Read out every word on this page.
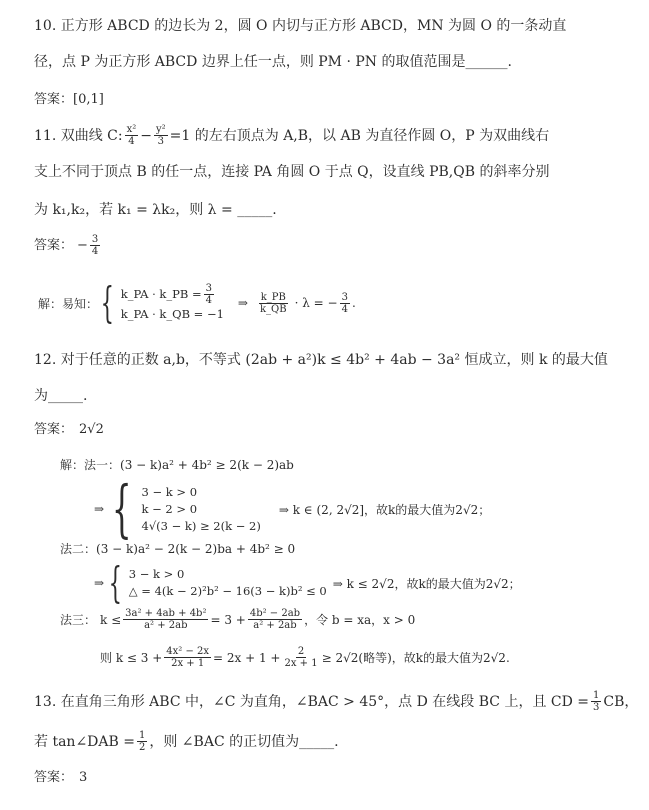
10. 正方形 ABCD 的边长为 2，圆 O 内切与正方形 ABCD，MN 为圆 O 的一条动直
径，点 P 为正方形 ABCD 边界上任一点，则 PM · PN 的取值范围是______.
答案：[0,1]
11. 双曲线 C: $\frac{\text{x²}}{4} - \frac{\text{y²}}{3} =1$ 的左右顶点为 A,B，以 AB 为直径作圆 O，P 为双曲线右
支上不同于顶点 B 的任一点，连接 PA 角圆 O 于点 Q，设直线 PB,QB 的斜率分别
为 k₁,k₂，若 k₁ = λk₂，则 λ = _____.
答案： − $\frac{3}{4}$
解：易知： { k_PA · k_PB = $\frac{3}{4}$
k_PA · k_QB = −1
⇒ $\frac{k\_PB}{k\_QB} \cdot \lambda$ = − $\frac{3}{4}$ .
12. 对于任意的正数 a,b，不等式 (2ab + a²)k ≤ 4b² + 4ab − 3a² 恒成立，则 k 的最大值
为_____.
答案： 2√2
解：法一： (3 − k)a² + 4b² ≥ 2(k − 2)ab
⇒ { 3 − k > 0
k − 2 > 0
4√(3 − k) ≥ 2(k − 2)
⇒ k ∈ (2, 2√2]，故k的最大值为2√2；
法二： (3 − k)a² − 2(k − 2)ba + 4b² ≥ 0
⇒ { 3 − k > 0
△ = 4(k − 2)²b² − 16(3 − k)b² ≤ 0
⇒ k ≤ 2√2，故k的最大值为2√2；
法三： $k \le \frac{\text{3a² + 4ab + 4b²}}{\text{a² + 2ab}} = 3 + \frac{\text{4b² − 2ab}}{\text{a² + 2ab}}$ ，令 b = xa，x > 0
则 $k \le 3 + \frac{\text{4x² − 2x}}{2x + 1} = 2x + 1 + \frac{2}{2x + 1} \ge 2√2$(略等)，故k的最大值为2√2.
13. 在直角三角形 ABC 中，∠C 为直角，∠BAC > 45°，点 D 在线段 BC 上，且 CD = $\frac{1}{3}$ CB，
若 tan∠DAB = $\frac{1}{2}$ ，则 ∠BAC 的正切值为_____.
答案： 3
